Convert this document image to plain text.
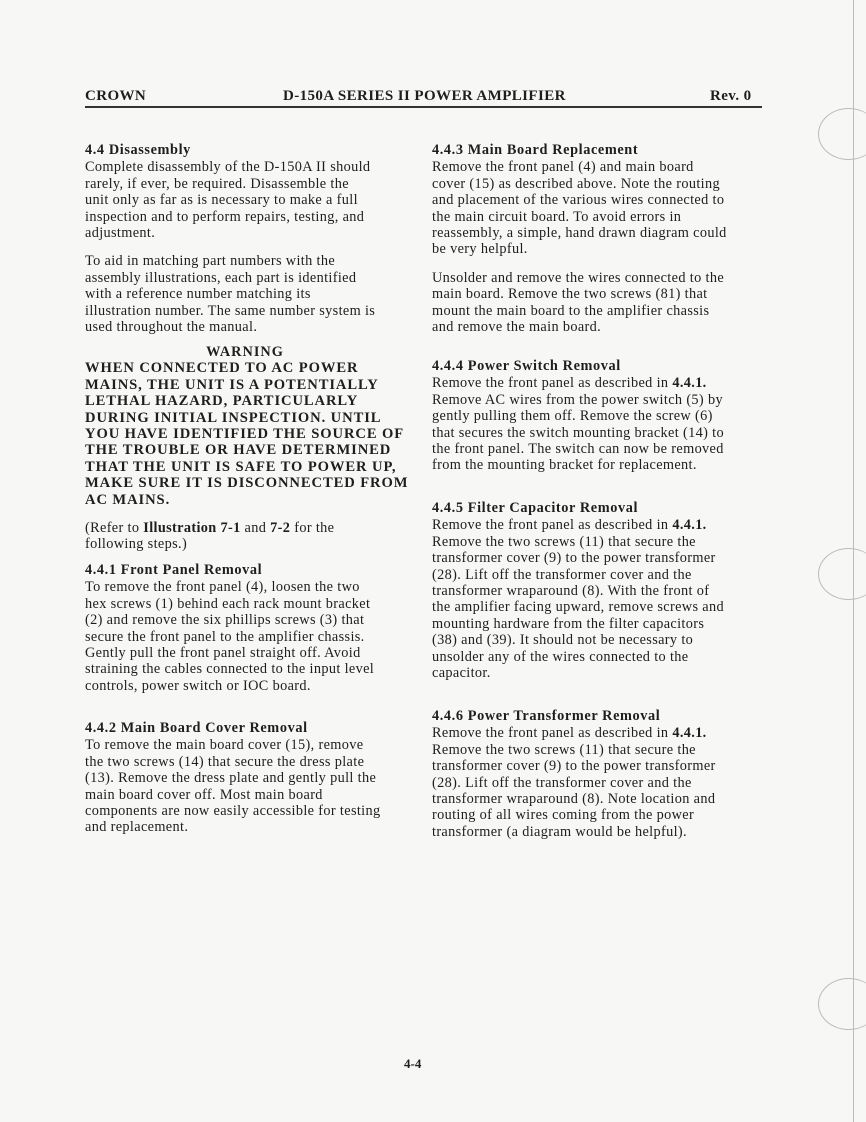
CROWN	D-150A SERIES II POWER AMPLIFIER	Rev. 0
4.4 Disassembly
Complete disassembly of the D-150A II should
rarely, if ever, be required. Disassemble the
unit only as far as is necessary to make a full
inspection and to perform repairs, testing, and
adjustment.
To aid in matching part numbers with the
assembly illustrations, each part is identified
with a reference number matching its
illustration number. The same number system is
used throughout the manual.
WARNING
WHEN CONNECTED TO AC POWER
MAINS, THE UNIT IS A POTENTIALLY
LETHAL HAZARD, PARTICULARLY
DURING INITIAL INSPECTION. UNTIL
YOU HAVE IDENTIFIED THE SOURCE OF
THE TROUBLE OR HAVE DETERMINED
THAT THE UNIT IS SAFE TO POWER UP,
MAKE SURE IT IS DISCONNECTED FROM
AC MAINS.
(Refer to Illustration 7-1 and 7-2 for the
following steps.)
4.4.1 Front Panel Removal
To remove the front panel (4), loosen the two
hex screws (1) behind each rack mount bracket
(2) and remove the six phillips screws (3) that
secure the front panel to the amplifier chassis.
Gently pull the front panel straight off. Avoid
straining the cables connected to the input level
controls, power switch or IOC board.
4.4.2 Main Board Cover Removal
To remove the main board cover (15), remove
the two screws (14) that secure the dress plate
(13). Remove the dress plate and gently pull the
main board cover off. Most main board
components are now easily accessible for testing
and replacement.
4.4.3 Main Board Replacement
Remove the front panel (4) and main board
cover (15) as described above. Note the routing
and placement of the various wires connected to
the main circuit board. To avoid errors in
reassembly, a simple, hand drawn diagram could
be very helpful.
Unsolder and remove the wires connected to the
main board. Remove the two screws (81) that
mount the main board to the amplifier chassis
and remove the main board.
4.4.4 Power Switch Removal
Remove the front panel as described in 4.4.1.
Remove AC wires from the power switch (5) by
gently pulling them off. Remove the screw (6)
that secures the switch mounting bracket (14) to
the front panel. The switch can now be removed
from the mounting bracket for replacement.
4.4.5 Filter Capacitor Removal
Remove the front panel as described in 4.4.1.
Remove the two screws (11) that secure the
transformer cover (9) to the power transformer
(28). Lift off the transformer cover and the
transformer wraparound (8). With the front of
the amplifier facing upward, remove screws and
mounting hardware from the filter capacitors
(38) and (39). It should not be necessary to
unsolder any of the wires connected to the
capacitor.
4.4.6 Power Transformer Removal
Remove the front panel as described in 4.4.1.
Remove the two screws (11) that secure the
transformer cover (9) to the power transformer
(28). Lift off the transformer cover and the
transformer wraparound (8). Note location and
routing of all wires coming from the power
transformer (a diagram would be helpful).
4-4
